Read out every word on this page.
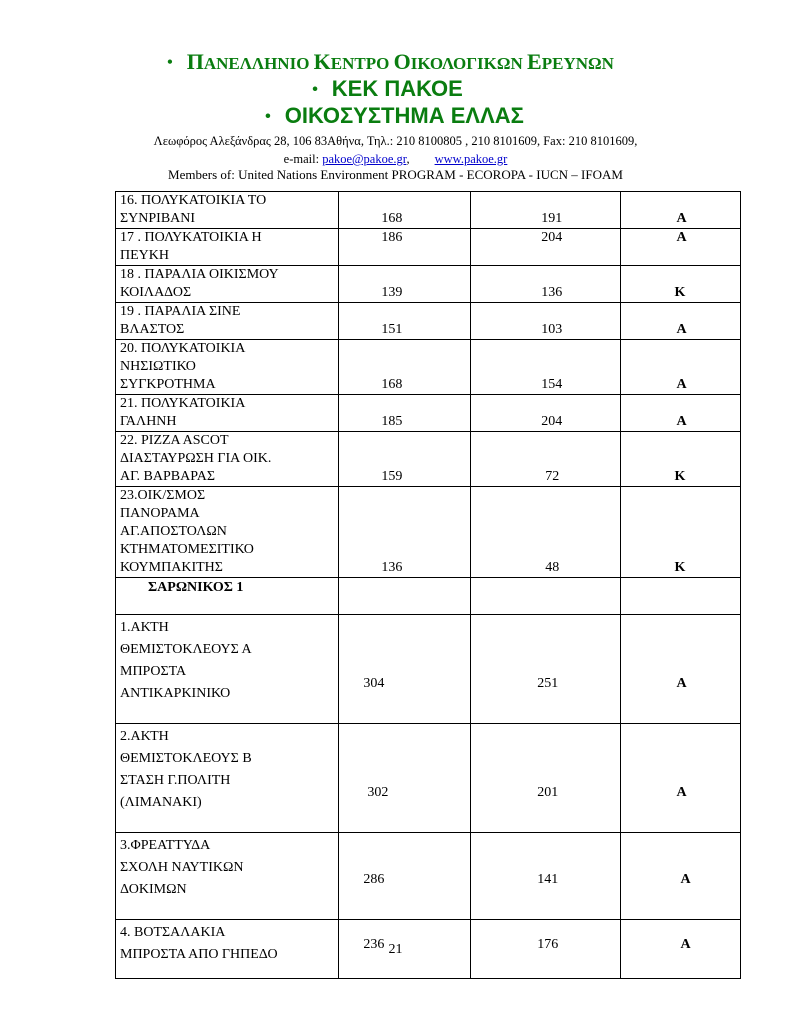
• ΠΑΝΕΛΛΗΝΙΟ ΚΕΝΤΡΟ ΟΙΚΟΛΟΓΙΚΩΝ ΕΡΕΥΝΩΝ
• ΚΕΚ ΠΑΚΟΕ
• ΟΙΚΟΣΥΣΤΗΜΑ ΕΛΛΑΣ
Λεωφόρος Αλεξάνδρας 28, 106 83Αθήνα, Τηλ.: 210 8100805 , 210 8101609, Fax: 210 8101609,
e-mail: pakoe@pakoe.gr, www.pakoe.gr
Members of: United Nations Environment PROGRAM - ECOROPA - IUCN – IFOAM
16. ΠΟΛΥΚΑΤΟΙΚΙΑ ΤΟ
ΣΥΝΡΙΒΑΝΙ	168	191	Α

17 . ΠΟΛΥΚΑΤΟΙΚΙΑ Η
ΠΕΥΚΗ	186	204	Α

18 . ΠΑΡΑΛΙΑ ΟΙΚΙΣΜΟΥ
ΚΟΙΛΑΔΟΣ	139	136	Κ

19 . ΠΑΡΑΛΙΑ ΣΙΝΕ
ΒΛΑΣΤΟΣ	151	103	Α

20. ΠΟΛΥΚΑΤΟΙΚΙΑ
ΝΗΣΙΩΤΙΚΟ
ΣΥΓΚΡΟΤΗΜΑ	168	154	Α

21. ΠΟΛΥΚΑΤΟΙΚΙΑ
ΓΑΛΗΝΗ	185	204	Α

22. PIZZA ASCOT
ΔΙΑΣΤΑΥΡΩΣΗ ΓΙΑ ΟΙΚ.
ΑΓ. ΒΑΡΒΑΡΑΣ	159	72	Κ

23.ΟΙΚ/ΣΜΟΣ
ΠΑΝΟΡΑΜΑ
ΑΓ.ΑΠΟΣΤΟΛΩΝ
ΚΤΗΜΑΤΟΜΕΣΙΤΙΚΟ
ΚΟΥΜΠΑΚΙΤΗΣ	136	48	Κ

ΣΑΡΩΝΙΚΟΣ 1			

1.ΑΚΤΗ
ΘΕΜΙΣΤΟΚΛΕΟΥΣ Α
ΜΠΡΟΣΤΑ
ΑΝΤΙΚΑΡΚΙΝΙΚΟ	304	251	Α

2.ΑΚΤΗ
ΘΕΜΙΣΤΟΚΛΕΟΥΣ Β
ΣΤΑΣΗ Γ.ΠΟΛΙΤΗ
(ΛΙΜΑΝΑΚΙ)	302	201	Α

3.ΦΡΕΑΤΤΥΔΑ
ΣΧΟΛΗ ΝΑΥΤΙΚΩΝ
ΔΟΚΙΜΩΝ	286	141	Α

4. ΒΟΤΣΑΛΑΚΙΑ
ΜΠΡΟΣΤΑ ΑΠΟ ΓΗΠΕΔΟ	236	176	Α
21
